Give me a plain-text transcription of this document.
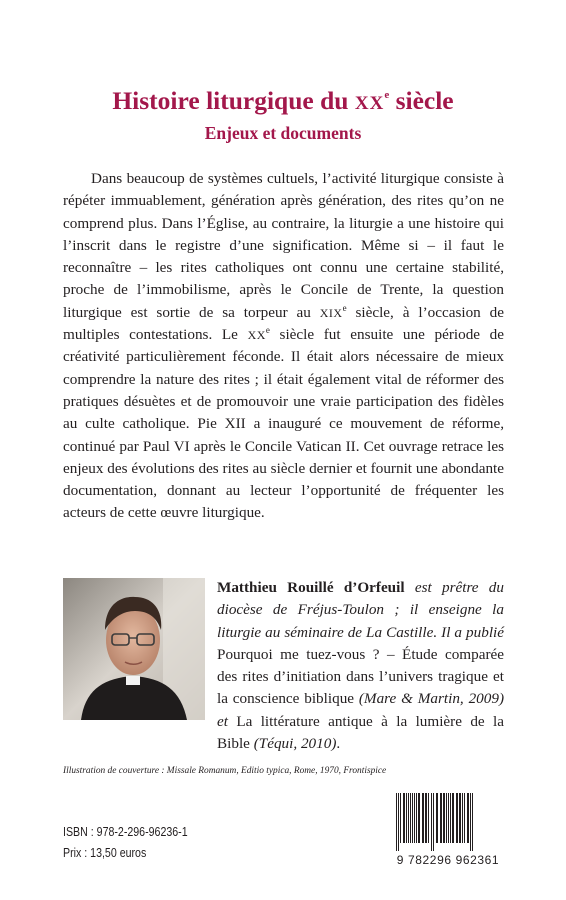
Histoire liturgique du XXe siècle
Enjeux et documents

Dans beaucoup de systèmes cultuels, l’activité liturgique consiste à répéter immuablement, génération après génération, des rites qu’on ne comprend plus. Dans l’Église, au contraire, la liturgie a une histoire qui l’inscrit dans le registre d’une signification. Même si – il faut le reconnaître – les rites catholiques ont connu une certaine stabilité, proche de l’immobilisme, après le Concile de Trente, la question liturgique est sortie de sa torpeur au XIXe siècle, à l’occasion de multiples contestations. Le XXe siècle fut ensuite une période de créativité particulièrement féconde. Il était alors nécessaire de mieux comprendre la nature des rites ; il était également vital de réformer des pratiques désuètes et de promouvoir une vraie participation des fidèles au culte catholique. Pie XII a inauguré ce mouvement de réforme, continué par Paul VI après le Concile Vatican II. Cet ouvrage retrace les enjeux des évolutions des rites au siècle dernier et fournit une abondante documentation, donnant au lecteur l’opportunité de fréquenter les acteurs de cette œuvre liturgique.

Matthieu Rouillé d’Orfeuil est prêtre du diocèse de Fréjus-Toulon ; il enseigne la liturgie au séminaire de La Castille. Il a publié Pourquoi me tuez-vous ? – Étude comparée des rites d’initiation dans l’univers tragique et la conscience biblique (Mare & Martin, 2009) et La littérature antique à la lumière de la Bible (Téqui, 2010).

Illustration de couverture : Missale Romanum, Editio typica, Rome, 1970, Frontispice

ISBN : 978-2-296-96236-1

Prix : 13,50 euros	9 782296 962361
